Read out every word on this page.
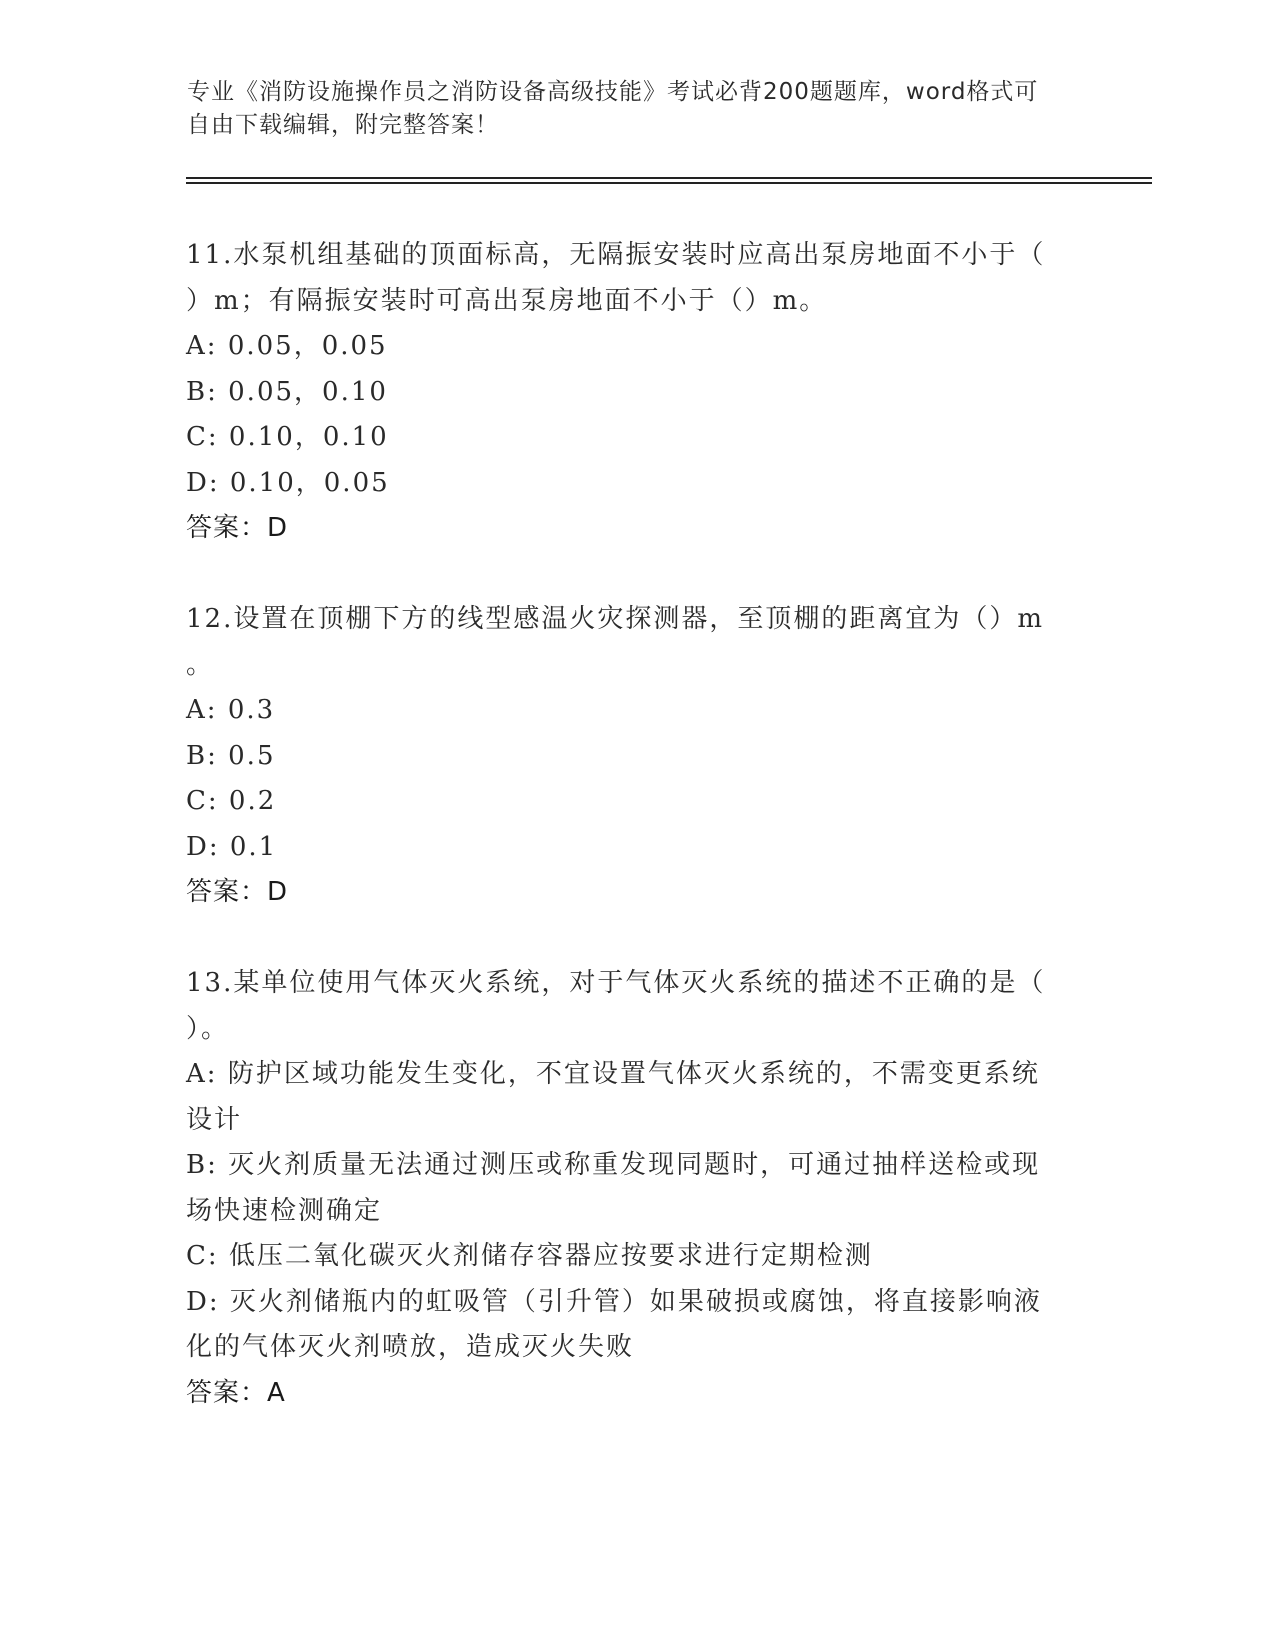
专业《消防设施操作员之消防设备高级技能》考试必背200题题库，word格式可
自由下载编辑，附完整答案！
11.水泵机组基础的顶面标高，无隔振安装时应高出泵房地面不小于（
）m；有隔振安装时可高出泵房地面不小于（）m。
A: 0.05，0.05
B: 0.05，0.10
C: 0.10，0.10
D: 0.10，0.05
答案：D
12.设置在顶棚下方的线型感温火灾探测器，至顶棚的距离宜为（）m
。
A: 0.3
B: 0.5
C: 0.2
D: 0.1
答案：D
13.某单位使用气体灭火系统，对于气体灭火系统的描述不正确的是（
）。
A: 防护区域功能发生变化，不宜设置气体灭火系统的，不需变更系统
设计
B: 灭火剂质量无法通过测压或称重发现同题时，可通过抽样送检或现
场快速检测确定
C: 低压二氧化碳灭火剂储存容器应按要求进行定期检测
D: 灭火剂储瓶内的虹吸管（引升管）如果破损或腐蚀，将直接影响液
化的气体灭火剂喷放，造成灭火失败
答案：A
